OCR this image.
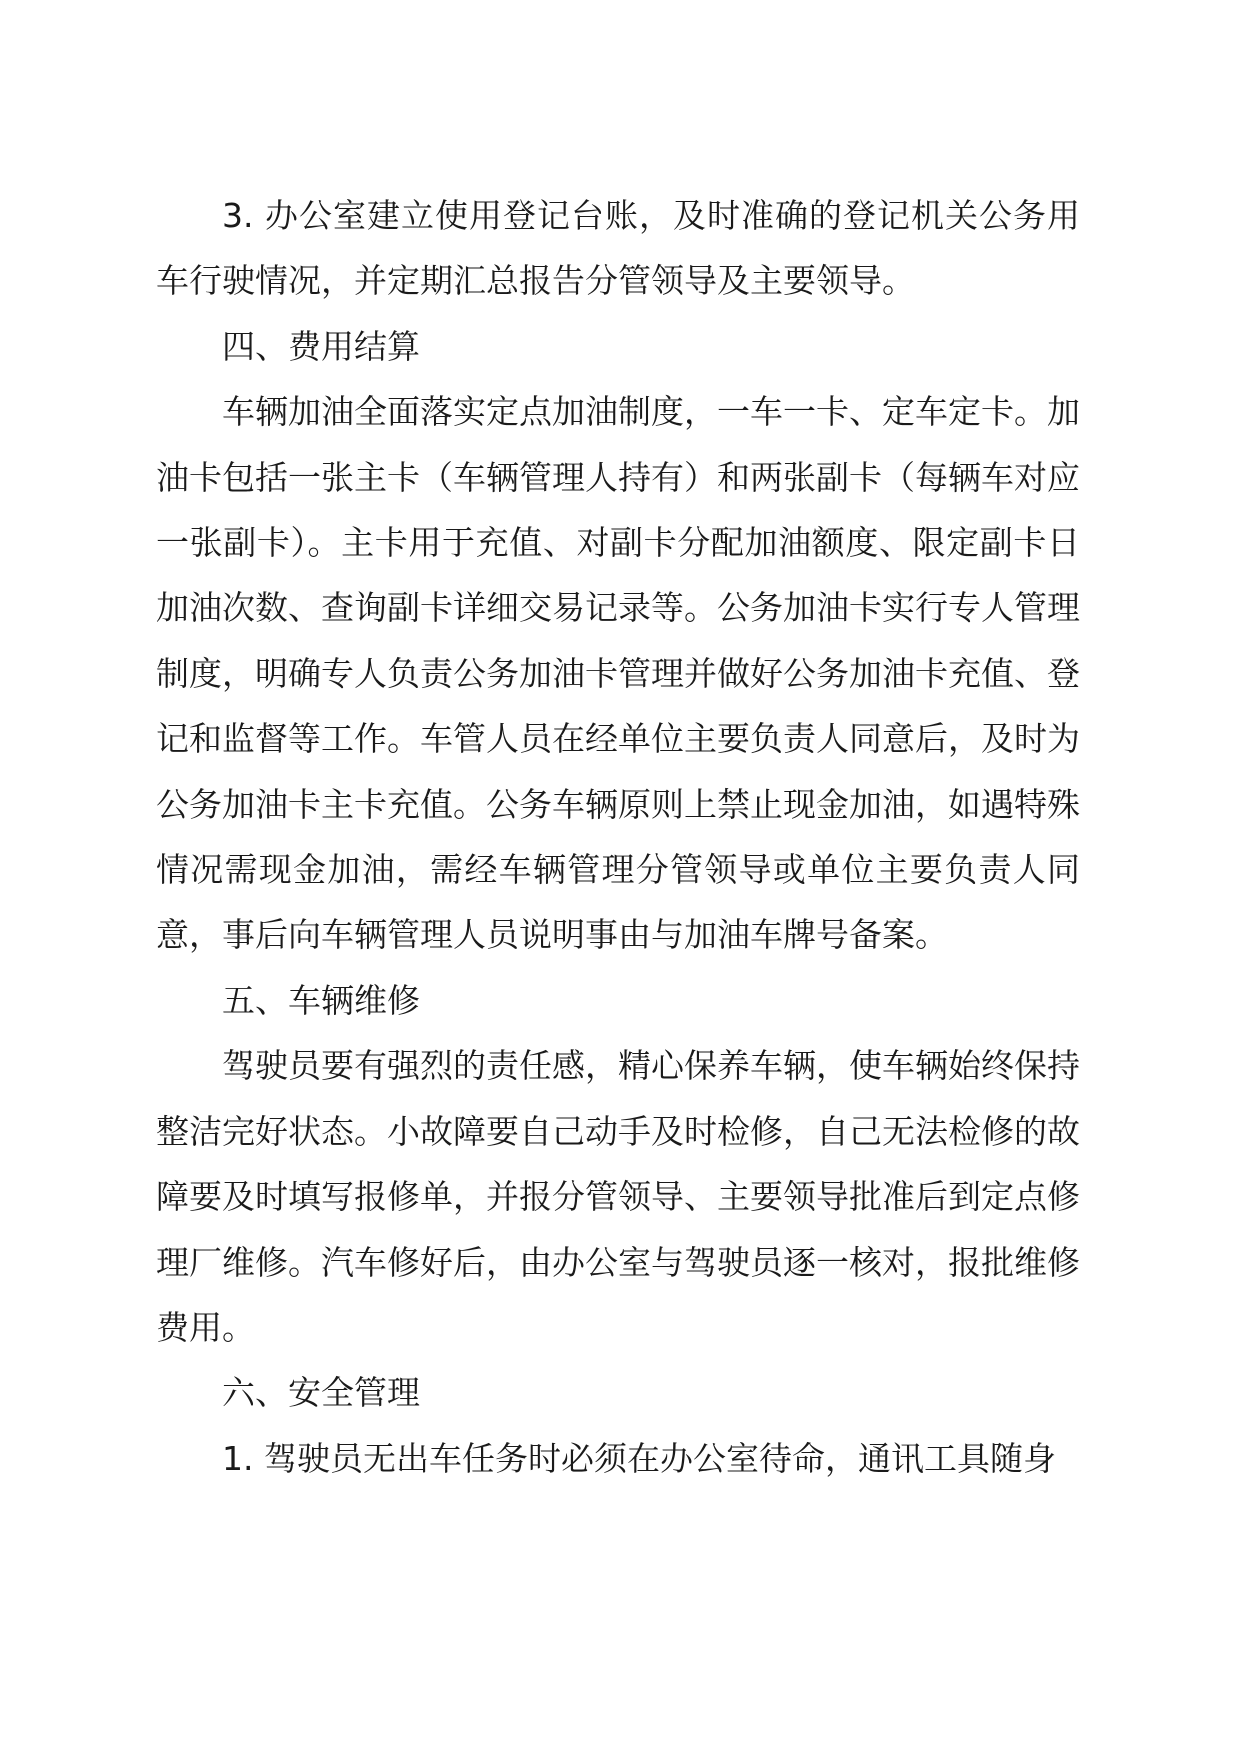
3. 办公室建立使用登记台账，及时准确的登记机关公务用车行驶情况，并定期汇总报告分管领导及主要领导。

四、费用结算

车辆加油全面落实定点加油制度，一车一卡、定车定卡。加油卡包括一张主卡（车辆管理人持有）和两张副卡（每辆车对应一张副卡）。主卡用于充值、对副卡分配加油额度、限定副卡日加油次数、查询副卡详细交易记录等。公务加油卡实行专人管理制度，明确专人负责公务加油卡管理并做好公务加油卡充值、登记和监督等工作。车管人员在经单位主要负责人同意后，及时为公务加油卡主卡充值。公务车辆原则上禁止现金加油，如遇特殊情况需现金加油，需经车辆管理分管领导或单位主要负责人同意，事后向车辆管理人员说明事由与加油车牌号备案。

五、车辆维修

驾驶员要有强烈的责任感，精心保养车辆，使车辆始终保持整洁完好状态。小故障要自己动手及时检修，自己无法检修的故障要及时填写报修单，并报分管领导、主要领导批准后到定点修理厂维修。汽车修好后，由办公室与驾驶员逐一核对，报批维修费用。

六、安全管理

1. 驾驶员无出车任务时必须在办公室待命，通讯工具随身
